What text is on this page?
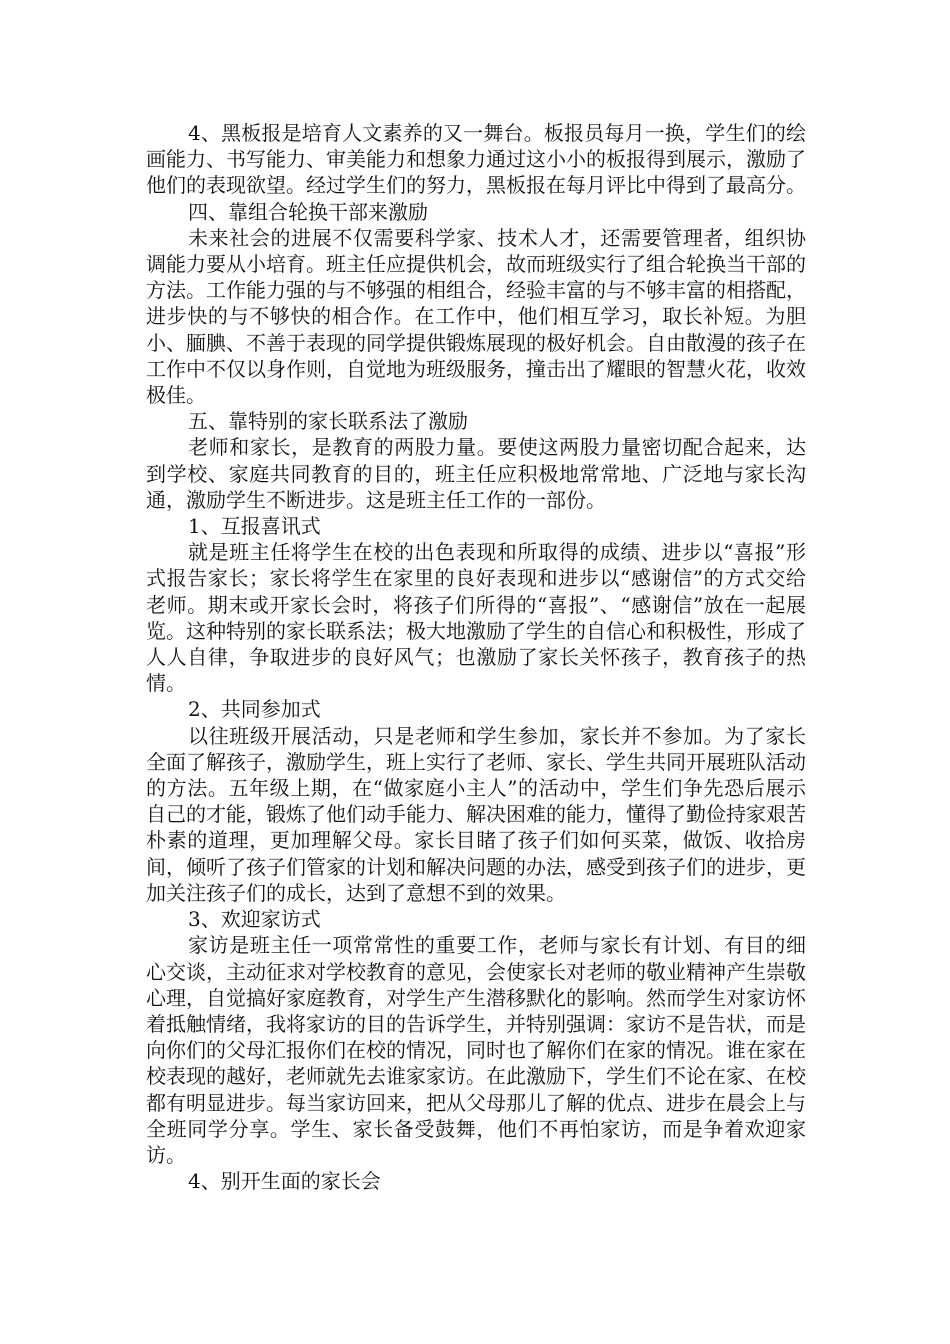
4、黑板报是培育人文素养的又一舞台。板报员每月一换，学生们的绘画能力、书写能力、审美能力和想象力通过这小小的板报得到展示，激励了他们的表现欲望。经过学生们的努力，黑板报在每月评比中得到了最高分。

四、靠组合轮换干部来激励

未来社会的进展不仅需要科学家、技术人才，还需要管理者，组织协调能力要从小培育。班主任应提供机会，故而班级实行了组合轮换当干部的方法。工作能力强的与不够强的相组合，经验丰富的与不够丰富的相搭配，进步快的与不够快的相合作。在工作中，他们相互学习，取长补短。为胆小、腼腆、不善于表现的同学提供锻炼展现的极好机会。自由散漫的孩子在工作中不仅以身作则，自觉地为班级服务，撞击出了耀眼的智慧火花，收效极佳。

五、靠特别的家长联系法了激励

老师和家长，是教育的两股力量。要使这两股力量密切配合起来，达到学校、家庭共同教育的目的，班主任应积极地常常地、广泛地与家长沟通，激励学生不断进步。这是班主任工作的一部份。

1、互报喜讯式

就是班主任将学生在校的出色表现和所取得的成绩、进步以“喜报”形式报告家长；家长将学生在家里的良好表现和进步以“感谢信”的方式交给老师。期末或开家长会时，将孩子们所得的“喜报”、“感谢信”放在一起展览。这种特别的家长联系法；极大地激励了学生的自信心和积极性，形成了人人自律，争取进步的良好风气；也激励了家长关怀孩子，教育孩子的热情。

2、共同参加式

以往班级开展活动，只是老师和学生参加，家长并不参加。为了家长全面了解孩子，激励学生，班上实行了老师、家长、学生共同开展班队活动的方法。五年级上期，在“做家庭小主人”的活动中，学生们争先恐后展示自己的才能，锻炼了他们动手能力、解决困难的能力，懂得了勤俭持家艰苦朴素的道理，更加理解父母。家长目睹了孩子们如何买菜，做饭、收拾房间，倾听了孩子们管家的计划和解决问题的办法，感受到孩子们的进步，更加关注孩子们的成长，达到了意想不到的效果。

3、欢迎家访式

家访是班主任一项常常性的重要工作，老师与家长有计划、有目的细心交谈，主动征求对学校教育的意见，会使家长对老师的敬业精神产生崇敬心理，自觉搞好家庭教育，对学生产生潜移默化的影响。然而学生对家访怀着抵触情绪，我将家访的目的告诉学生，并特别强调：家访不是告状，而是向你们的父母汇报你们在校的情况，同时也了解你们在家的情况。谁在家在校表现的越好，老师就先去谁家家访。在此激励下，学生们不论在家、在校都有明显进步。每当家访回来，把从父母那儿了解的优点、进步在晨会上与全班同学分享。学生、家长备受鼓舞，他们不再怕家访，而是争着欢迎家访。

4、别开生面的家长会
